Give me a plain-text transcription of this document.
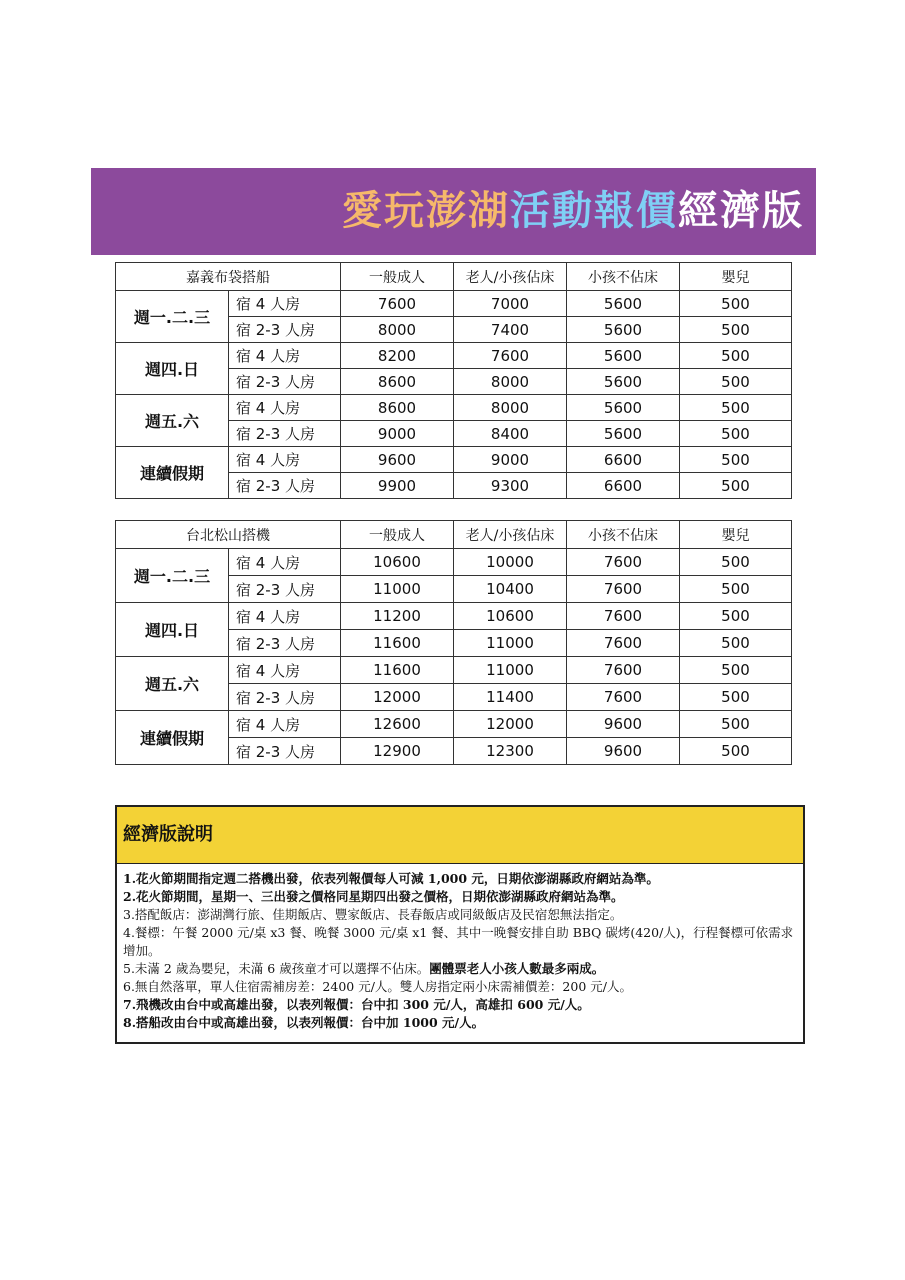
愛玩澎湖活動報價經濟版
嘉義布袋搭船		一般成人	老人/小孩佔床	小孩不佔床	嬰兒
週一.二.三	宿 4 人房	7600	7000	5600	500
	宿 2-3 人房	8000	7400	5600	500
週四.日	宿 4 人房	8200	7600	5600	500
	宿 2-3 人房	8600	8000	5600	500
週五.六	宿 4 人房	8600	8000	5600	500
	宿 2-3 人房	9000	8400	5600	500
連續假期	宿 4 人房	9600	9000	6600	500
	宿 2-3 人房	9900	9300	6600	500
台北松山搭機		一般成人	老人/小孩佔床	小孩不佔床	嬰兒
週一.二.三	宿 4 人房	10600	10000	7600	500
	宿 2-3 人房	11000	10400	7600	500
週四.日	宿 4 人房	11200	10600	7600	500
	宿 2-3 人房	11600	11000	7600	500
週五.六	宿 4 人房	11600	11000	7600	500
	宿 2-3 人房	12000	11400	7600	500
連續假期	宿 4 人房	12600	12000	9600	500
	宿 2-3 人房	12900	12300	9600	500
經濟版說明

1.花火節期間指定週二搭機出發，依表列報價每人可減 1,000 元，日期依澎湖縣政府網站為準。

2.花火節期間，星期一、三出發之價格同星期四出發之價格，日期依澎湖縣政府網站為準。

3.搭配飯店：澎湖灣行旅、佳期飯店、豐家飯店、長春飯店或同級飯店及民宿恕無法指定。

4.餐標：午餐 2000 元/桌 x3 餐、晚餐 3000 元/桌 x1 餐、其中一晚餐安排自助 BBQ 碳烤(420/人)，行程餐標可依需求增加。

5.未滿 2 歲為嬰兒，未滿 6 歲孩童才可以選擇不佔床。團體票老人小孩人數最多兩成。

6.無自然落單，單人住宿需補房差：2400 元/人。雙人房指定兩小床需補價差：200 元/人。

7.飛機改由台中或高雄出發，以表列報價：台中扣 300 元/人，高雄扣 600 元/人。

8.搭船改由台中或高雄出發，以表列報價：台中加 1000 元/人。
